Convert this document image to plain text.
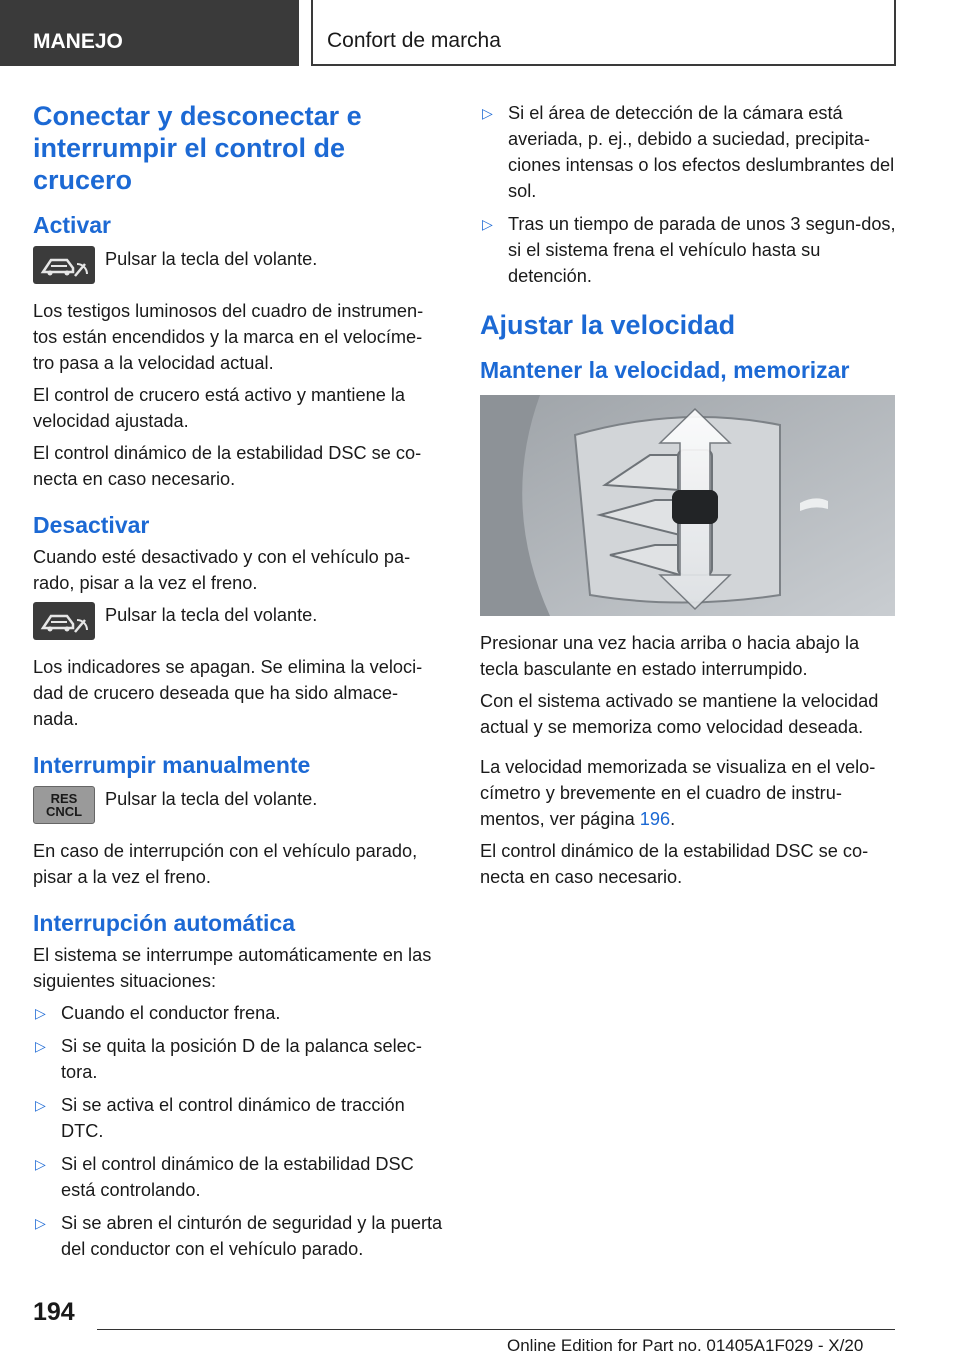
MANEJO	Confort de marcha
Conectar y desconectar e interrumpir el control de crucero
Activar

Pulsar la tecla del volante.

Los testigos luminosos del cuadro de instrumen-tos están encendidos y la marca en el velocíme-tro pasa a la velocidad actual.

El control de crucero está activo y mantiene la velocidad ajustada.

El control dinámico de la estabilidad DSC se co-necta en caso necesario.

Desactivar

Cuando esté desactivado y con el vehículo pa-rado, pisar a la vez el freno.

Pulsar la tecla del volante.

Los indicadores se apagan. Se elimina la veloci-dad de crucero deseada que ha sido almace-nada.

Interrumpir manualmente
RES
CNCL

Pulsar la tecla del volante.

En caso de interrupción con el vehículo parado, pisar a la vez el freno.

Interrupción automática

El sistema se interrumpe automáticamente en las siguientes situaciones:

▷ Cuando el conductor frena.
▷ Si se quita la posición D de la palanca selec-tora.
▷ Si se activa el control dinámico de tracción DTC.
▷ Si el control dinámico de la estabilidad DSC está controlando.
▷ Si se abren el cinturón de seguridad y la puerta del conductor con el vehículo parado.
▷ Si el área de detección de la cámara está averiada, p. ej., debido a suciedad, precipita-ciones intensas o los efectos deslumbrantes del sol.
▷ Tras un tiempo de parada de unos 3 segun-dos, si el sistema frena el vehículo hasta su detención.
Ajustar la velocidad
Mantener la velocidad, memorizar

Presionar una vez hacia arriba o hacia abajo la tecla basculante en estado interrumpido.

Con el sistema activado se mantiene la velocidad actual y se memoriza como velocidad deseada.

La velocidad memorizada se visualiza en el velo-címetro y brevemente en el cuadro de instru-mentos, ver página 196.

El control dinámico de la estabilidad DSC se co-necta en caso necesario.

194
Online Edition for Part no. 01405A1F029 - X/20
